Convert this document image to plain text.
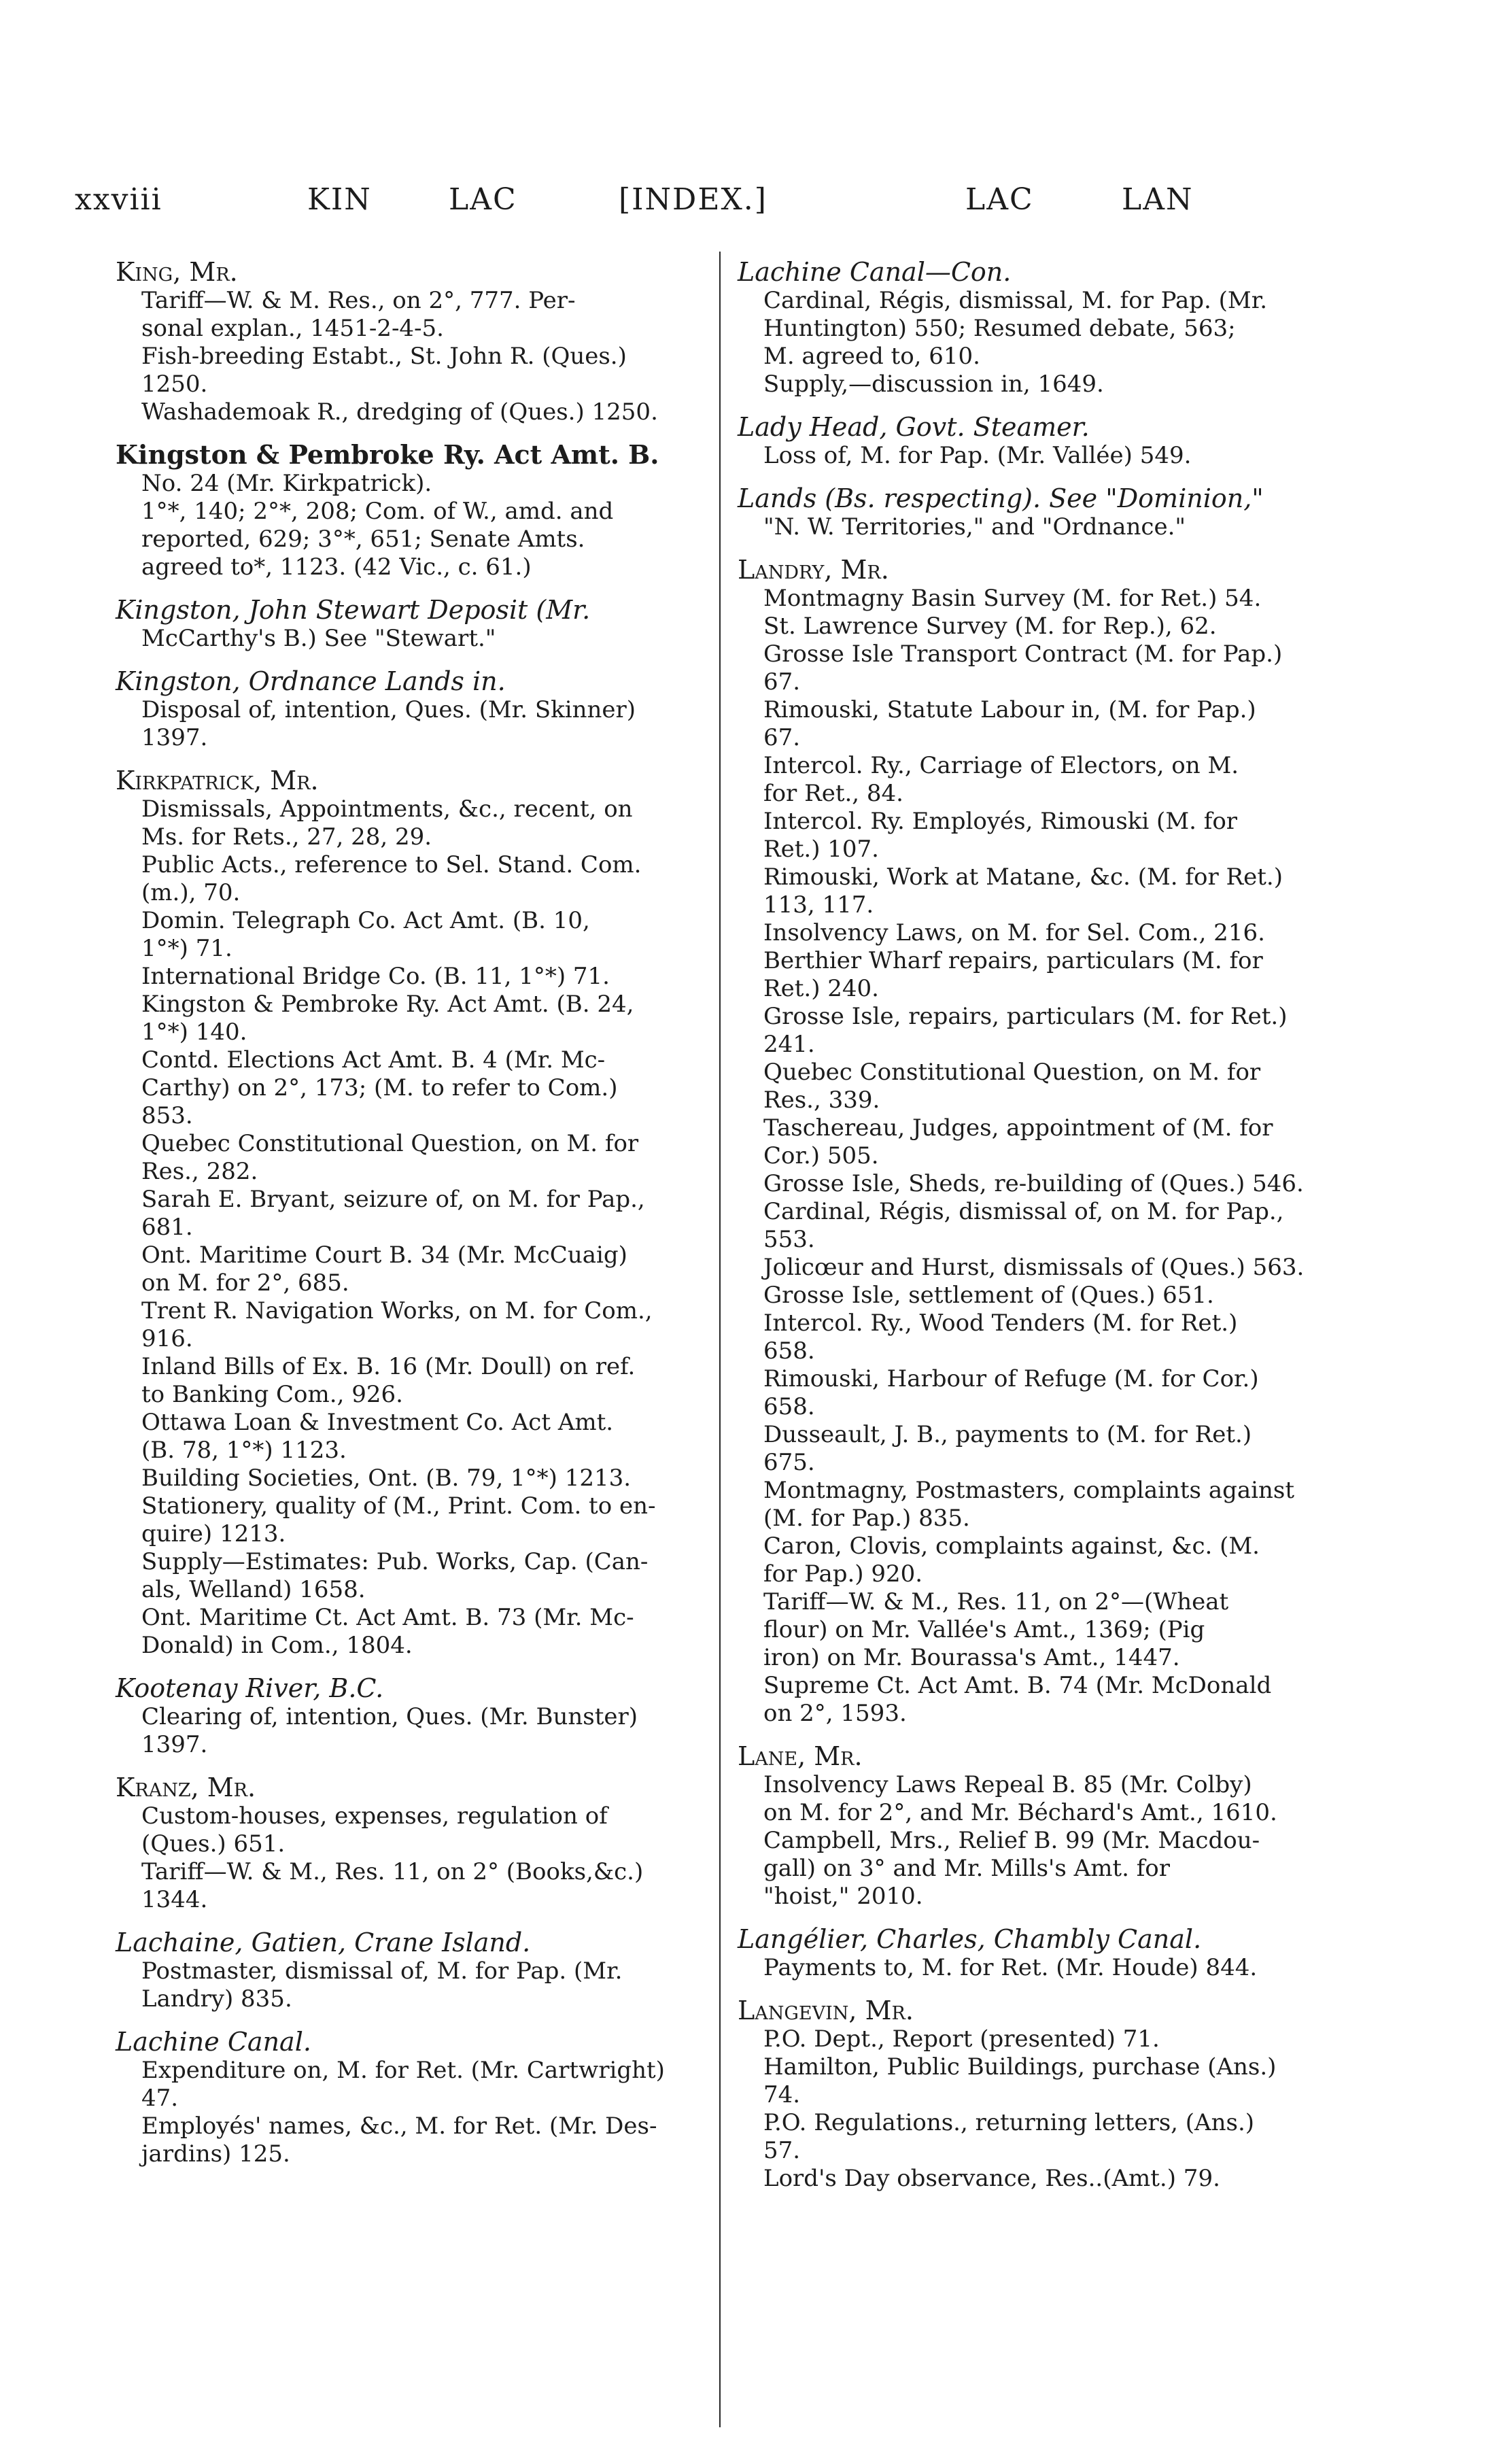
xxviii	KIN	LAC	[INDEX.]	LAC	LAN
King, Mr.
Tariff—W. & M. Res., on 2°, 777. Per-
sonal explan., 1451-2-4-5.
Fish-breeding Estabt., St. John R. (Ques.)
1250.
Washademoak R., dredging of (Ques.) 1250.
Kingston & Pembroke Ry. Act Amt. B.
No. 24 (Mr. Kirkpatrick).
1°*, 140; 2°*, 208; Com. of W., amd. and
reported, 629; 3°*, 651; Senate Amts.
agreed to*, 1123. (42 Vic., c. 61.)
Kingston, John Stewart Deposit (Mr.
McCarthy's B.) See "Stewart."
Kingston, Ordnance Lands in.
Disposal of, intention, Ques. (Mr. Skinner)
1397.
Kirkpatrick, Mr.
Dismissals, Appointments, &c., recent, on
Ms. for Rets., 27, 28, 29.
Public Acts., reference to Sel. Stand. Com.
(m.), 70.
Domin. Telegraph Co. Act Amt. (B. 10,
1°*) 71.
International Bridge Co. (B. 11, 1°*) 71.
Kingston & Pembroke Ry. Act Amt. (B. 24,
1°*) 140.
Contd. Elections Act Amt. B. 4 (Mr. Mc-
Carthy) on 2°, 173; (M. to refer to Com.)
853.
Quebec Constitutional Question, on M. for
Res., 282.
Sarah E. Bryant, seizure of, on M. for Pap.,
681.
Ont. Maritime Court B. 34 (Mr. McCuaig)
on M. for 2°, 685.
Trent R. Navigation Works, on M. for Com.,
916.
Inland Bills of Ex. B. 16 (Mr. Doull) on ref.
to Banking Com., 926.
Ottawa Loan & Investment Co. Act Amt.
(B. 78, 1°*) 1123.
Building Societies, Ont. (B. 79, 1°*) 1213.
Stationery, quality of (M., Print. Com. to en-
quire) 1213.
Supply—Estimates: Pub. Works, Cap. (Can-
als, Welland) 1658.
Ont. Maritime Ct. Act Amt. B. 73 (Mr. Mc-
Donald) in Com., 1804.
Kootenay River, B.C.
Clearing of, intention, Ques. (Mr. Bunster)
1397.
Kranz, Mr.
Custom-houses, expenses, regulation of
(Ques.) 651.
Tariff—W. & M., Res. 11, on 2° (Books,&c.)
1344.
Lachaine, Gatien, Crane Island.
Postmaster, dismissal of, M. for Pap. (Mr.
Landry) 835.
Lachine Canal.
Expenditure on, M. for Ret. (Mr. Cartwright)
47.
Employés' names, &c., M. for Ret. (Mr. Des-
jardins) 125.
Lachine Canal—Con.
Cardinal, Régis, dismissal, M. for Pap. (Mr.
Huntington) 550; Resumed debate, 563;
M. agreed to, 610.
Supply,—discussion in, 1649.
Lady Head, Govt. Steamer.
Loss of, M. for Pap. (Mr. Vallée) 549.
Lands (Bs. respecting). See "Dominion,"
"N. W. Territories," and "Ordnance."
Landry, Mr.
Montmagny Basin Survey (M. for Ret.) 54.
St. Lawrence Survey (M. for Rep.), 62.
Grosse Isle Transport Contract (M. for Pap.)
67.
Rimouski, Statute Labour in, (M. for Pap.)
67.
Intercol. Ry., Carriage of Electors, on M.
for Ret., 84.
Intercol. Ry. Employés, Rimouski (M. for
Ret.) 107.
Rimouski, Work at Matane, &c. (M. for Ret.)
113, 117.
Insolvency Laws, on M. for Sel. Com., 216.
Berthier Wharf repairs, particulars (M. for
Ret.) 240.
Grosse Isle, repairs, particulars (M. for Ret.)
241.
Quebec Constitutional Question, on M. for
Res., 339.
Taschereau, Judges, appointment of (M. for
Cor.) 505.
Grosse Isle, Sheds, re-building of (Ques.) 546.
Cardinal, Régis, dismissal of, on M. for Pap.,
553.
Jolicœur and Hurst, dismissals of (Ques.) 563.
Grosse Isle, settlement of (Ques.) 651.
Intercol. Ry., Wood Tenders (M. for Ret.)
658.
Rimouski, Harbour of Refuge (M. for Cor.)
658.
Dusseault, J. B., payments to (M. for Ret.)
675.
Montmagny, Postmasters, complaints against
(M. for Pap.) 835.
Caron, Clovis, complaints against, &c. (M.
for Pap.) 920.
Tariff—W. & M., Res. 11, on 2°—(Wheat
flour) on Mr. Vallée's Amt., 1369; (Pig
iron) on Mr. Bourassa's Amt., 1447.
Supreme Ct. Act Amt. B. 74 (Mr. McDonald
on 2°, 1593.
Lane, Mr.
Insolvency Laws Repeal B. 85 (Mr. Colby)
on M. for 2°, and Mr. Béchard's Amt., 1610.
Campbell, Mrs., Relief B. 99 (Mr. Macdou-
gall) on 3° and Mr. Mills's Amt. for
"hoist," 2010.
Langélier, Charles, Chambly Canal.
Payments to, M. for Ret. (Mr. Houde) 844.
Langevin, Mr.
P.O. Dept., Report (presented) 71.
Hamilton, Public Buildings, purchase (Ans.)
74.
P.O. Regulations., returning letters, (Ans.)
57.
Lord's Day observance, Res..(Amt.) 79.
